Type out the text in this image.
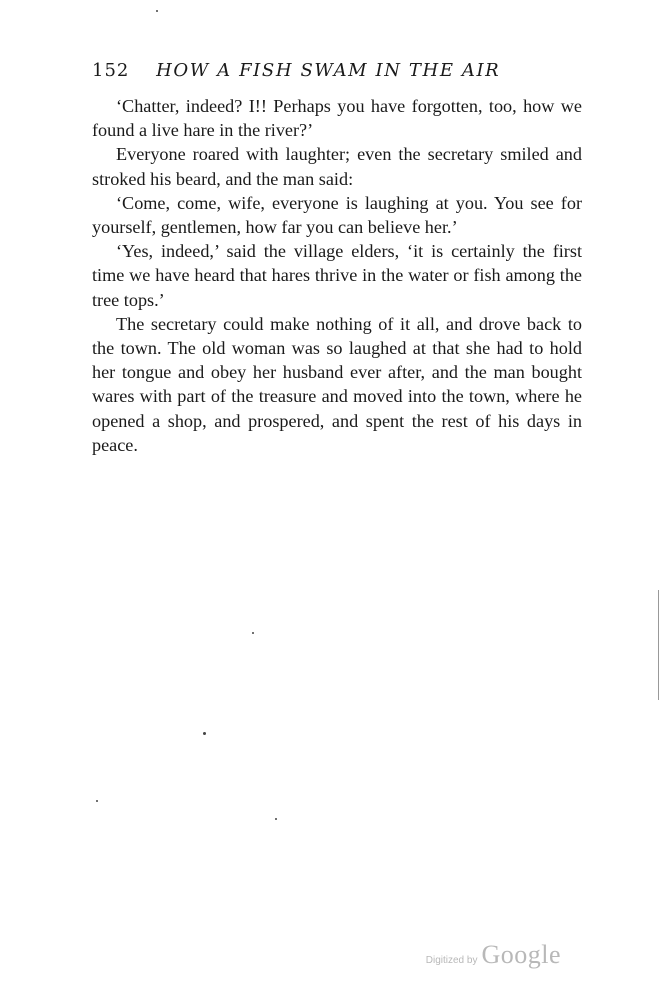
152 HOW A FISH SWAM IN THE AIR

‘Chatter, indeed? I!! Perhaps you have forgotten, too, how we found a live hare in the river?’

Everyone roared with laughter; even the secretary smiled and stroked his beard, and the man said:

‘Come, come, wife, everyone is laughing at you. You see for yourself, gentlemen, how far you can believe her.’

‘Yes, indeed,’ said the village elders, ‘it is certainly the first time we have heard that hares thrive in the water or fish among the tree tops.’

The secretary could make nothing of it all, and drove back to the town. The old woman was so laughed at that she had to hold her tongue and obey her husband ever after, and the man bought wares with part of the treasure and moved into the town, where he opened a shop, and prospered, and spent the rest of his days in peace.

Digitized by Google
